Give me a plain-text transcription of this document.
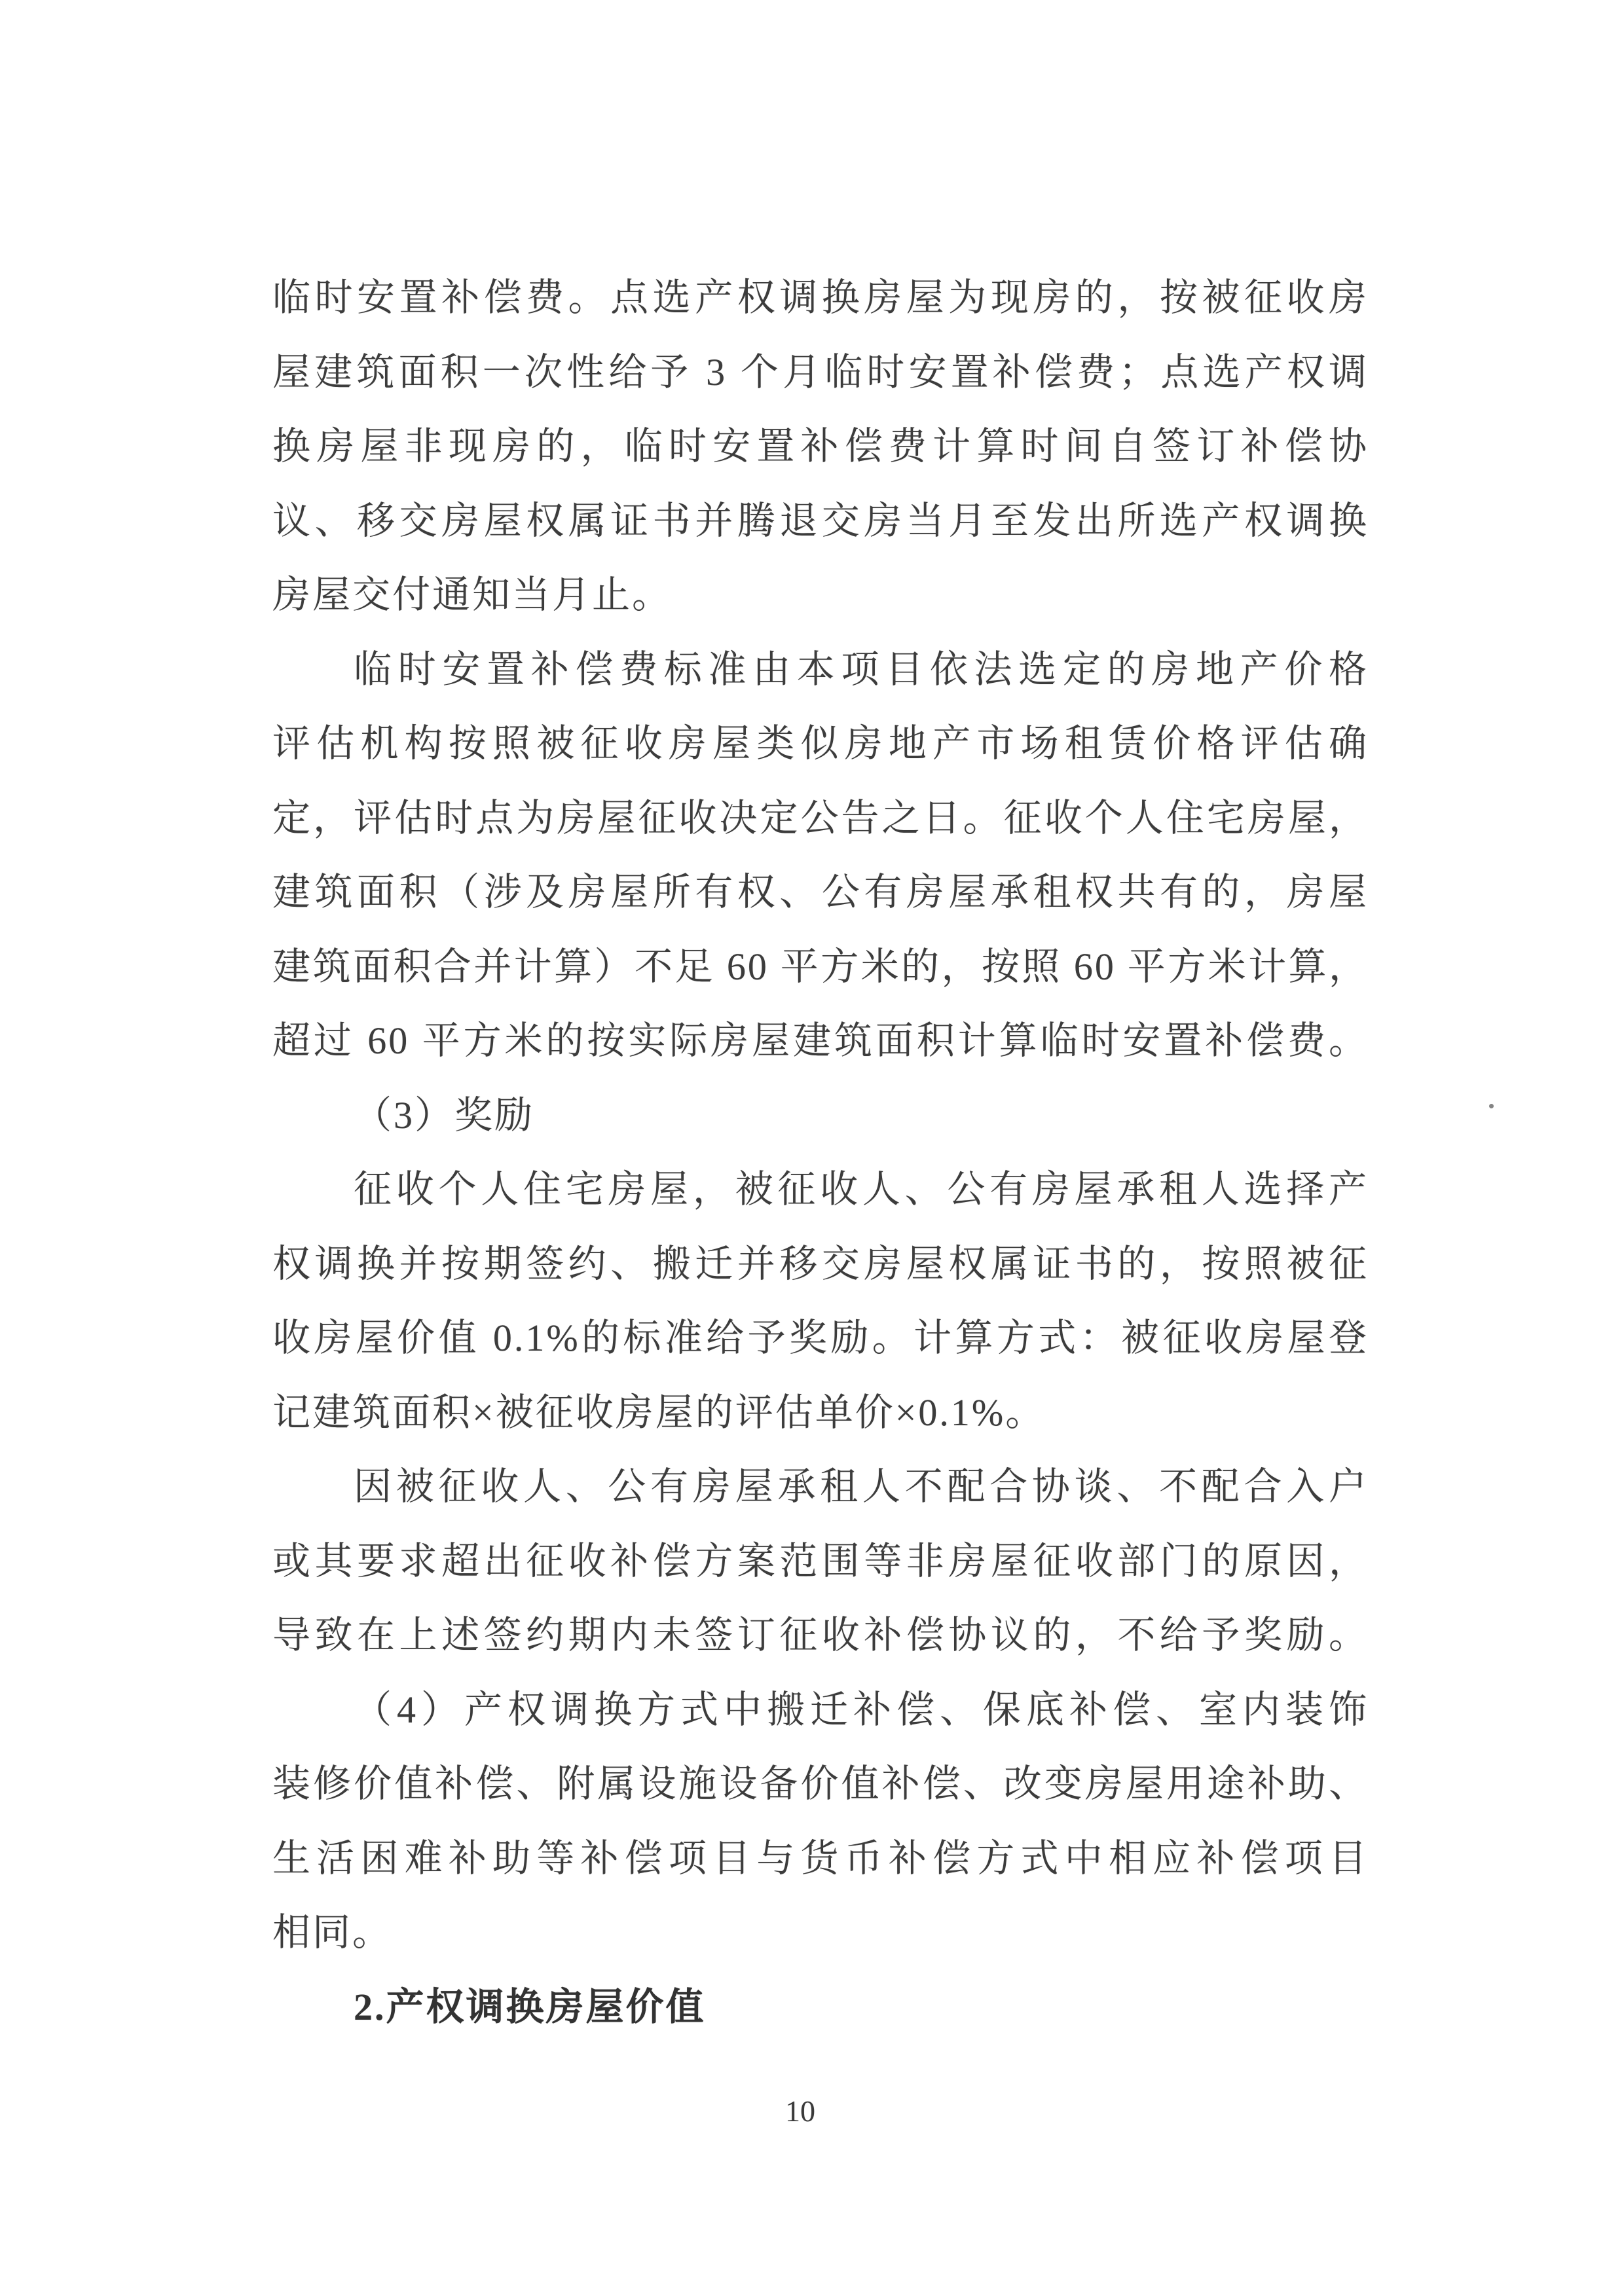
临时安置补偿费。点选产权调换房屋为现房的，按被征收房
屋建筑面积一次性给予 3 个月临时安置补偿费；点选产权调
换房屋非现房的，临时安置补偿费计算时间自签订补偿协
议、移交房屋权属证书并腾退交房当月至发出所选产权调换
房屋交付通知当月止。
临时安置补偿费标准由本项目依法选定的房地产价格
评估机构按照被征收房屋类似房地产市场租赁价格评估确
定，评估时点为房屋征收决定公告之日。征收个人住宅房屋，
建筑面积（涉及房屋所有权、公有房屋承租权共有的，房屋
建筑面积合并计算）不足 60 平方米的，按照 60 平方米计算，
超过 60 平方米的按实际房屋建筑面积计算临时安置补偿费。
（3）奖励
征收个人住宅房屋，被征收人、公有房屋承租人选择产
权调换并按期签约、搬迁并移交房屋权属证书的，按照被征
收房屋价值 0.1%的标准给予奖励。计算方式：被征收房屋登
记建筑面积×被征收房屋的评估单价×0.1%。
因被征收人、公有房屋承租人不配合协谈、不配合入户
或其要求超出征收补偿方案范围等非房屋征收部门的原因，
导致在上述签约期内未签订征收补偿协议的，不给予奖励。
（4）产权调换方式中搬迁补偿、保底补偿、室内装饰
装修价值补偿、附属设施设备价值补偿、改变房屋用途补助、
生活困难补助等补偿项目与货币补偿方式中相应补偿项目
相同。
2.产权调换房屋价值
10
